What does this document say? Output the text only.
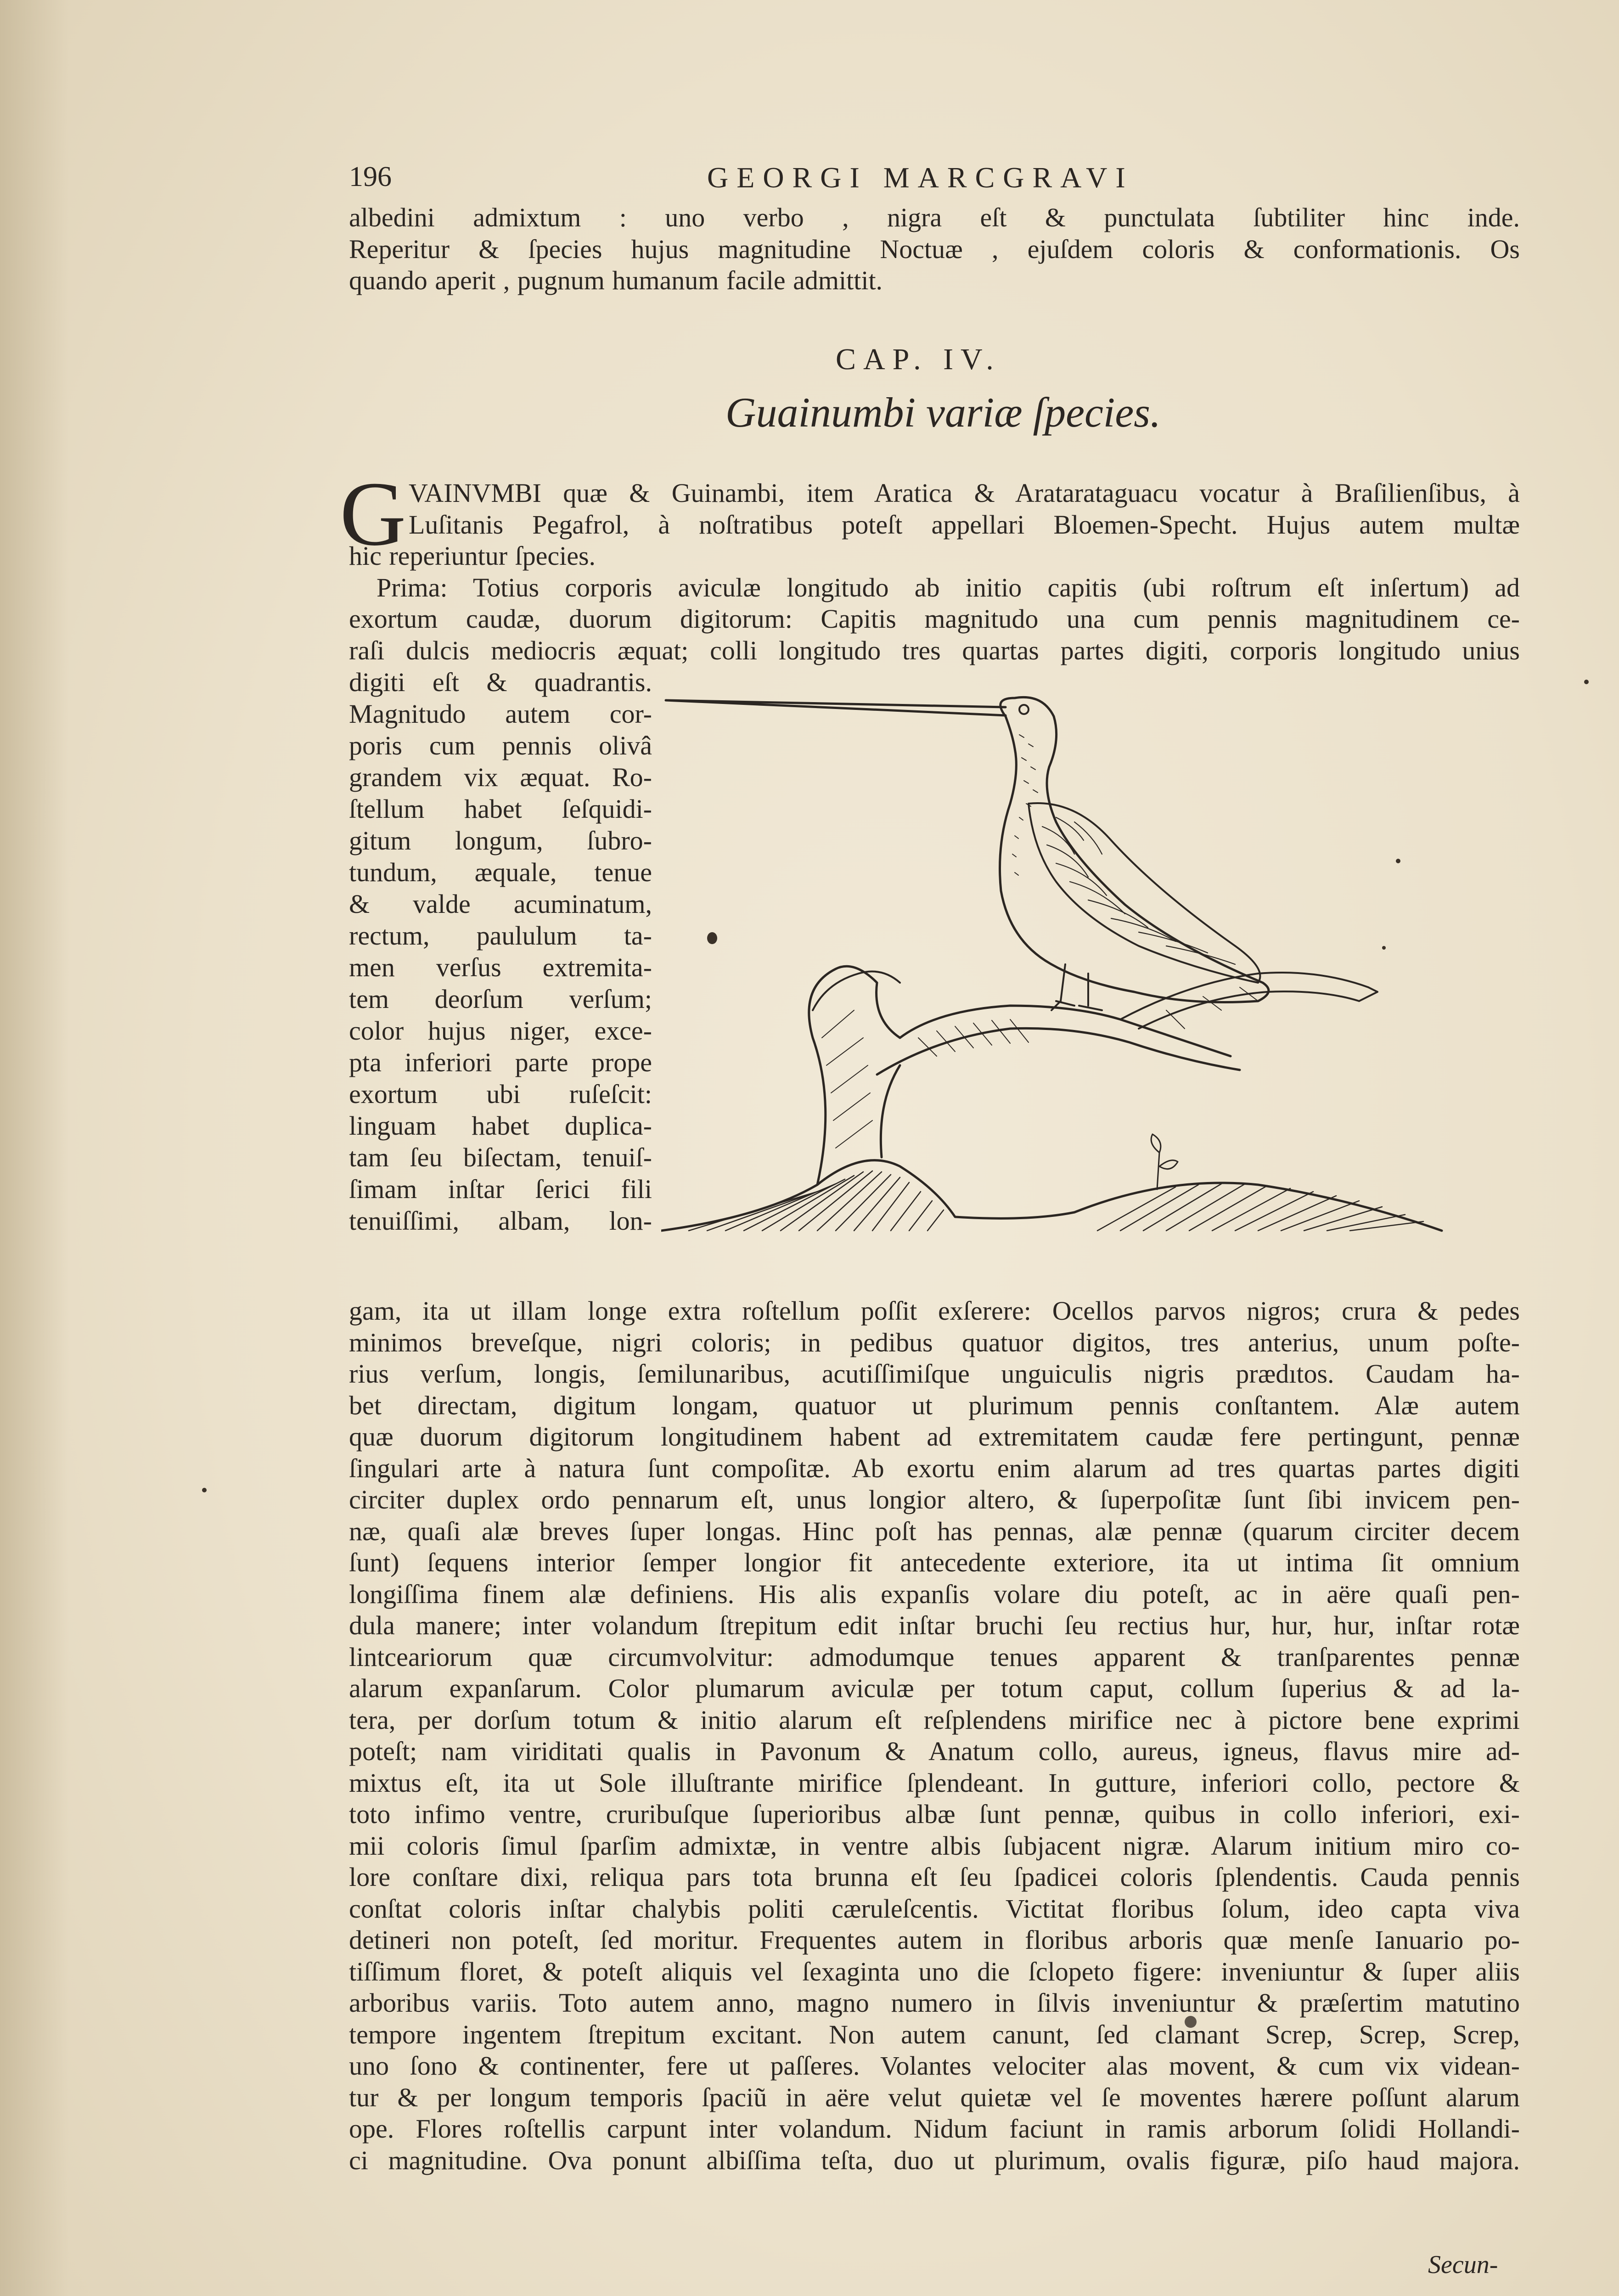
196	GEORGI MARCGRAVI
albedini admixtum : uno verbo , nigra eſt & punctulata ſubtiliter hinc inde.
Reperitur & ſpecies hujus magnitudine Noctuæ , ejuſdem coloris & conformationis. Os
quando aperit , pugnum humanum facile admittit.
CAP. IV.
Guainumbi variæ ſpecies.
G VAINVMBI quæ & Guinambi, item Aratica & Aratarataguacu vocatur à Braſilienſibus, à
Luſitanis Pegafrol, à noſtratibus poteſt appellari Bloemen-Specht. Hujus autem multæ
hic reperiuntur ſpecies.
Prima: Totius corporis aviculæ longitudo ab initio capitis (ubi roſtrum eſt inſertum) ad
exortum caudæ, duorum digitorum: Capitis magnitudo una cum pennis magnitudinem ce-
raſi dulcis mediocris æquat; colli longitudo tres quartas partes digiti, corporis longitudo unius
digiti eſt & quadrantis.
Magnitudo autem cor-
poris cum pennis olivâ
grandem vix æquat. Ro-
ſtellum habet ſeſquidi-
gitum longum, ſubro-
tundum, æquale, tenue
& valde acuminatum,
rectum, paululum ta-
men verſus extremita-
tem deorſum verſum;
color hujus niger, exce-
pta inferiori parte prope
exortum ubi ruſeſcit:
linguam habet duplica-
tam ſeu biſectam, tenuiſ-
ſimam inſtar ſerici fili
tenuiſſimi, albam, lon-
gam, ita ut illam longe extra roſtellum poſſit exſerere: Ocellos parvos nigros; crura & pedes
minimos breveſque, nigri coloris; in pedibus quatuor digitos, tres anterius, unum poſte-
rius verſum, longis, ſemilunaribus, acutiſſimiſque unguiculis nigris prædıtos. Caudam ha-
bet directam, digitum longam, quatuor ut plurimum pennis conſtantem. Alæ autem
quæ duorum digitorum longitudinem habent ad extremitatem caudæ fere pertingunt, pennæ
ſingulari arte à natura ſunt compoſitæ. Ab exortu enim alarum ad tres quartas partes digiti
circiter duplex ordo pennarum eſt, unus longior altero, & ſuperpoſitæ ſunt ſibi invicem pen-
næ, quaſi alæ breves ſuper longas. Hinc poſt has pennas, alæ pennæ (quarum circiter decem
ſunt) ſequens interior ſemper longior fit antecedente exteriore, ita ut intima ſit omnium
longiſſima finem alæ definiens. His alis expanſis volare diu poteſt, ac in aëre quaſi pen-
dula manere; inter volandum ſtrepitum edit inſtar bruchi ſeu rectius hur, hur, hur, inſtar rotæ
lintceariorum quæ circumvolvitur: admodumque tenues apparent & tranſparentes pennæ
alarum expanſarum. Color plumarum aviculæ per totum caput, collum ſuperius & ad la-
tera, per dorſum totum & initio alarum eſt reſplendens mirifice nec à pictore bene exprimi
poteſt; nam viriditati qualis in Pavonum & Anatum collo, aureus, igneus, flavus mire ad-
mixtus eſt, ita ut Sole illuſtrante mirifice ſplendeant. In gutture, inferiori collo, pectore &
toto infimo ventre, cruribuſque ſuperioribus albæ ſunt pennæ, quibus in collo inferiori, exi-
mii coloris ſimul ſparſim admixtæ, in ventre albis ſubjacent nigræ. Alarum initium miro co-
lore conſtare dixi, reliqua pars tota brunna eſt ſeu ſpadicei coloris ſplendentis. Cauda pennis
conſtat coloris inſtar chalybis politi cæruleſcentis. Victitat floribus ſolum, ideo capta viva
detineri non poteſt, ſed moritur. Frequentes autem in floribus arboris quæ menſe Ianuario po-
tiſſimum floret, & poteſt aliquis vel ſexaginta uno die ſclopeto figere: inveniuntur & ſuper aliis
arboribus variis. Toto autem anno, magno numero in ſilvis inveniuntur & præſertim matutino
tempore ingentem ſtrepitum excitant. Non autem canunt, ſed clamant Screp, Screp, Screp,
uno ſono & continenter, fere ut paſſeres. Volantes velociter alas movent, & cum vix videan-
tur & per longum temporis ſpaciũ in aëre velut quietæ vel ſe moventes hærere poſſunt alarum
ope. Flores roſtellis carpunt inter volandum. Nidum faciunt in ramis arborum ſolidi Hollandi-
ci magnitudine. Ova ponunt albiſſima teſta, duo ut plurimum, ovalis figuræ, piſo haud majora.
Secun-
